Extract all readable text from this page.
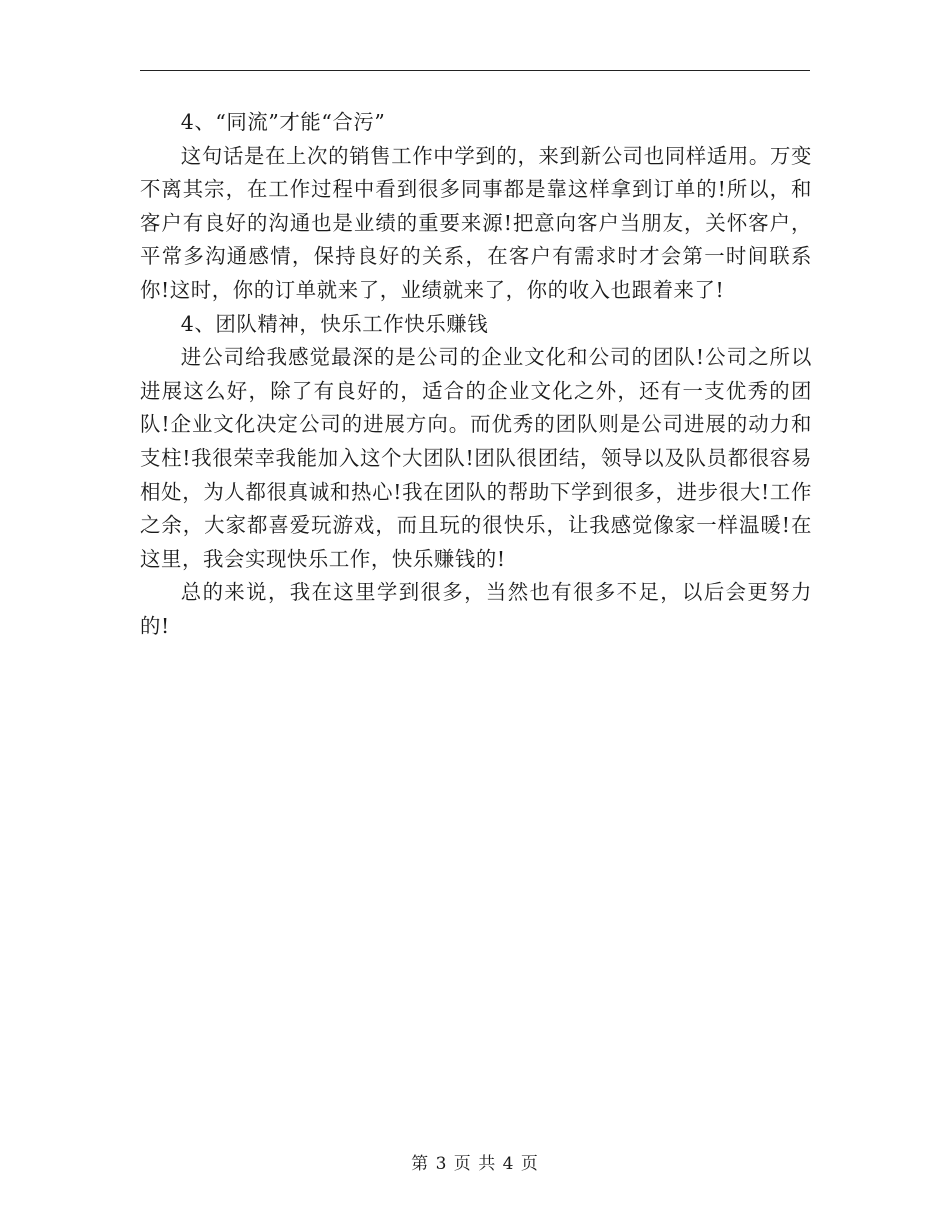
4、“同流”才能“合污”

这句话是在上次的销售工作中学到的，来到新公司也同样适用。万变不离其宗，在工作过程中看到很多同事都是靠这样拿到订单的!所以，和客户有良好的沟通也是业绩的重要来源!把意向客户当朋友，关怀客户，平常多沟通感情，保持良好的关系，在客户有需求时才会第一时间联系你!这时，你的订单就来了，业绩就来了，你的收入也跟着来了!

4、团队精神，快乐工作快乐赚钱

进公司给我感觉最深的是公司的企业文化和公司的团队!公司之所以进展这么好，除了有良好的，适合的企业文化之外，还有一支优秀的团队!企业文化决定公司的进展方向。而优秀的团队则是公司进展的动力和支柱!我很荣幸我能加入这个大团队!团队很团结，领导以及队员都很容易相处，为人都很真诚和热心!我在团队的帮助下学到很多，进步很大!工作之余，大家都喜爱玩游戏，而且玩的很快乐，让我感觉像家一样温暖!在这里，我会实现快乐工作，快乐赚钱的!

总的来说，我在这里学到很多，当然也有很多不足，以后会更努力的!

第 3 页 共 4 页
